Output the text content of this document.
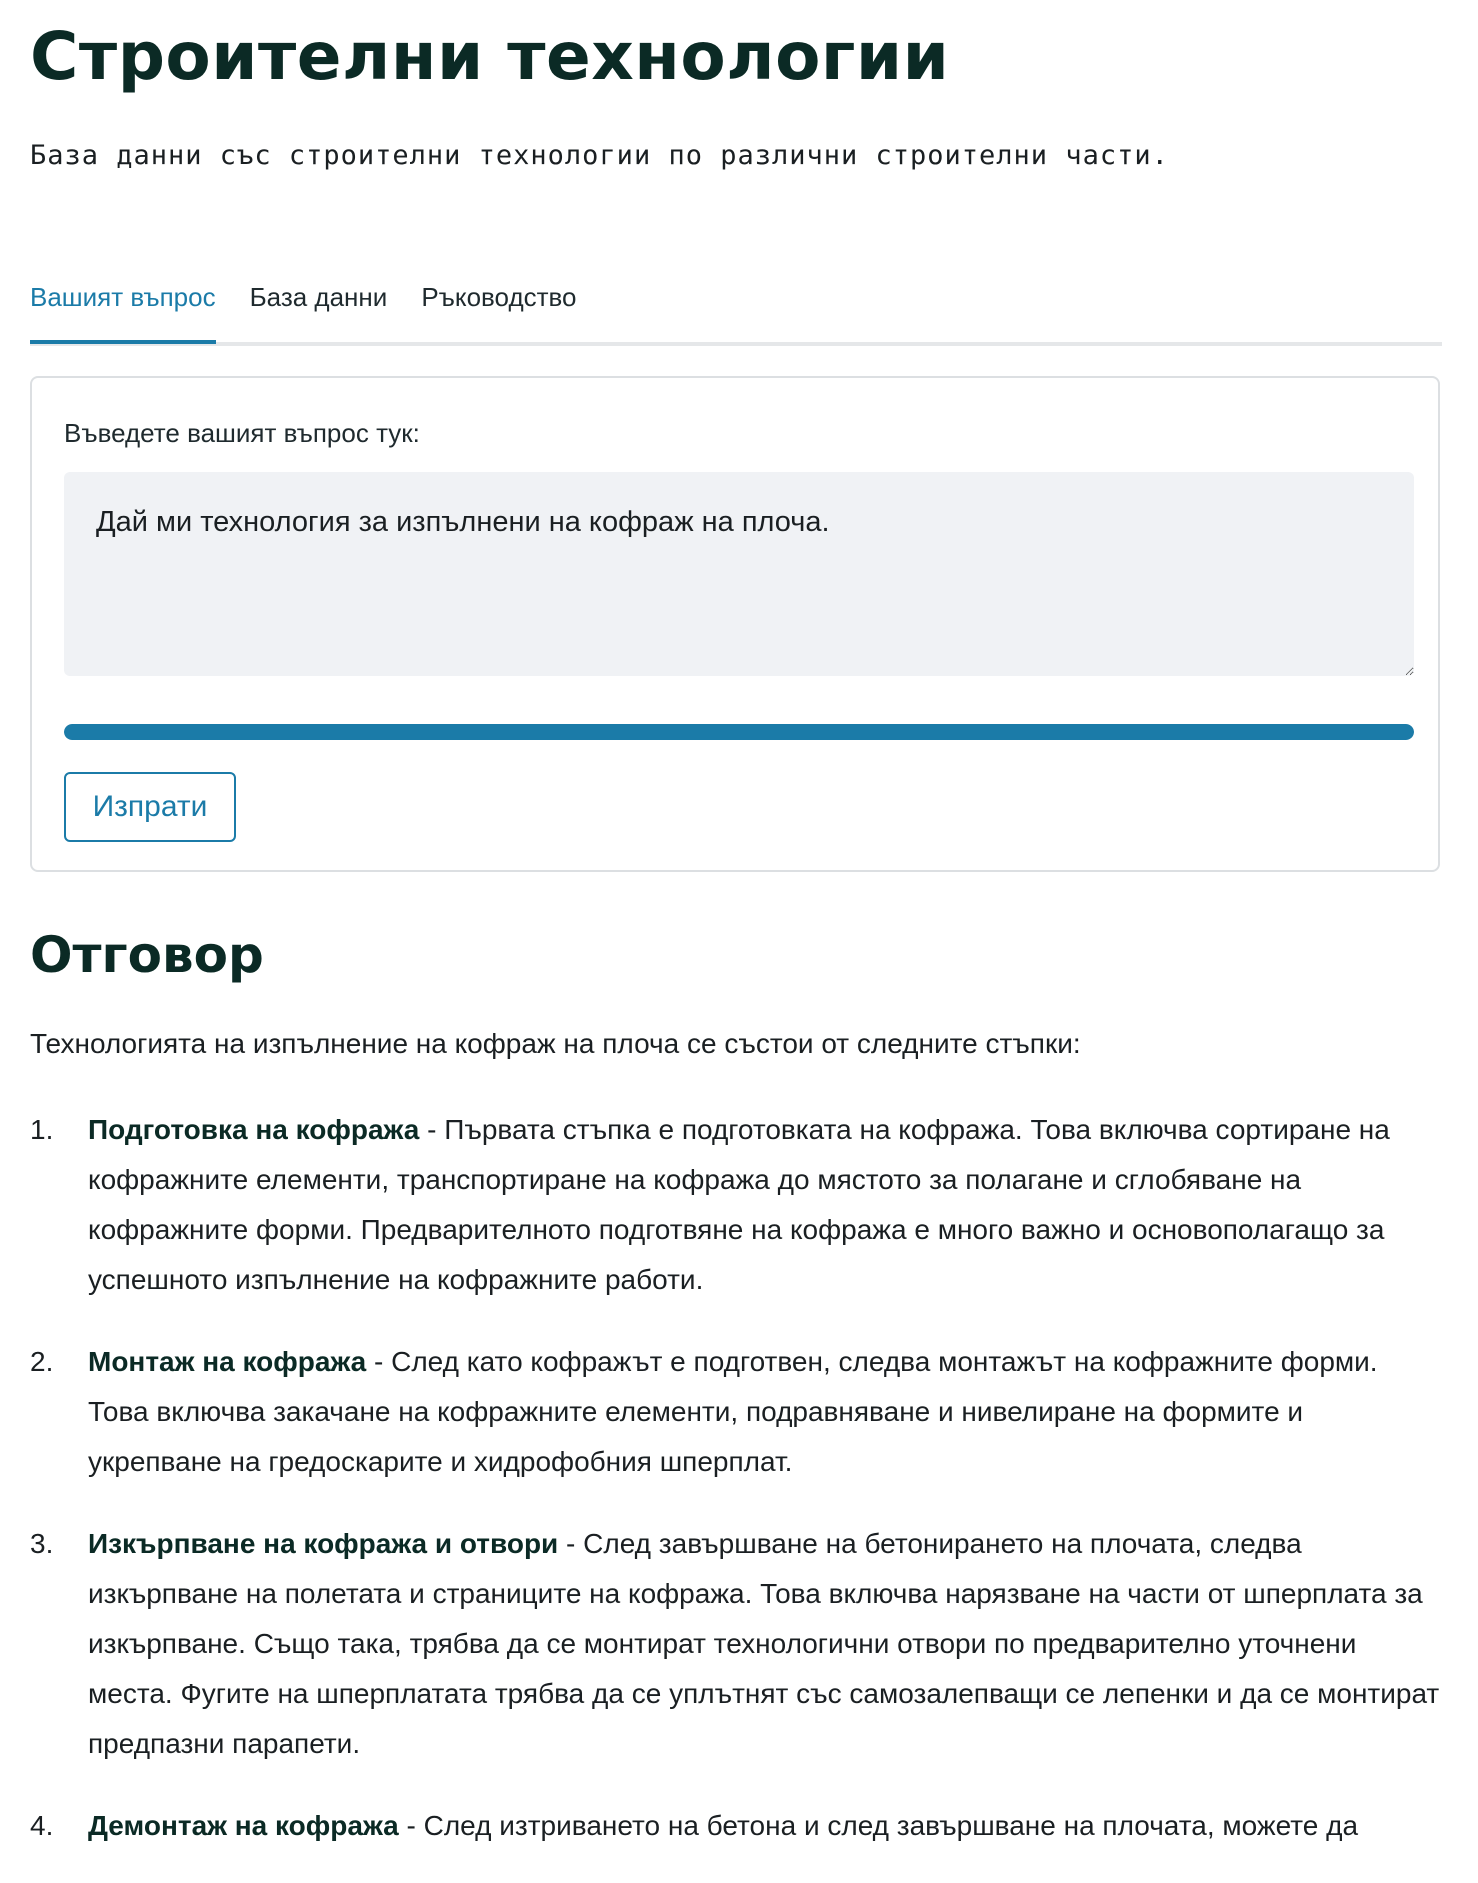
Строителни технологии

База данни със строителни технологии по различни строителни части.

Вашият въпрос База данни Ръководство
Въведете вашият въпрос тук:
Дай ми технология за изпълнени на кофраж на плоча.
Изпрати
Отговор

Технологията на изпълнение на кофраж на плоча се състои от следните стъпки:

1. Подготовка на кофража - Първата стъпка е подготовката на кофража. Това включва сортиране на кофражните елементи, транспортиране на кофража до мястото за полагане и сглобяване на кофражните форми. Предварителното подготвяне на кофража е много важно и основополагащо за успешното изпълнение на кофражните работи.
2. Монтаж на кофража - След като кофражът е подготвен, следва монтажът на кофражните форми. Това включва закачане на кофражните елементи, подравняване и нивелиране на формите и укрепване на гредоскарите и хидрофобния шперплат.
3. Изкърпване на кофража и отвори - След завършване на бетонирането на плочата, следва изкърпване на полетата и страниците на кофража. Това включва нарязване на части от шперплата за изкърпване. Също така, трябва да се монтират технологични отвори по предварително уточнени места. Фугите на шперплатата трябва да се уплътнят със самозалепващи се лепенки и да се монтират предпазни парапети.
4. Демонтаж на кофража - След изтриването на бетона и след завършване на плочата, можете да
